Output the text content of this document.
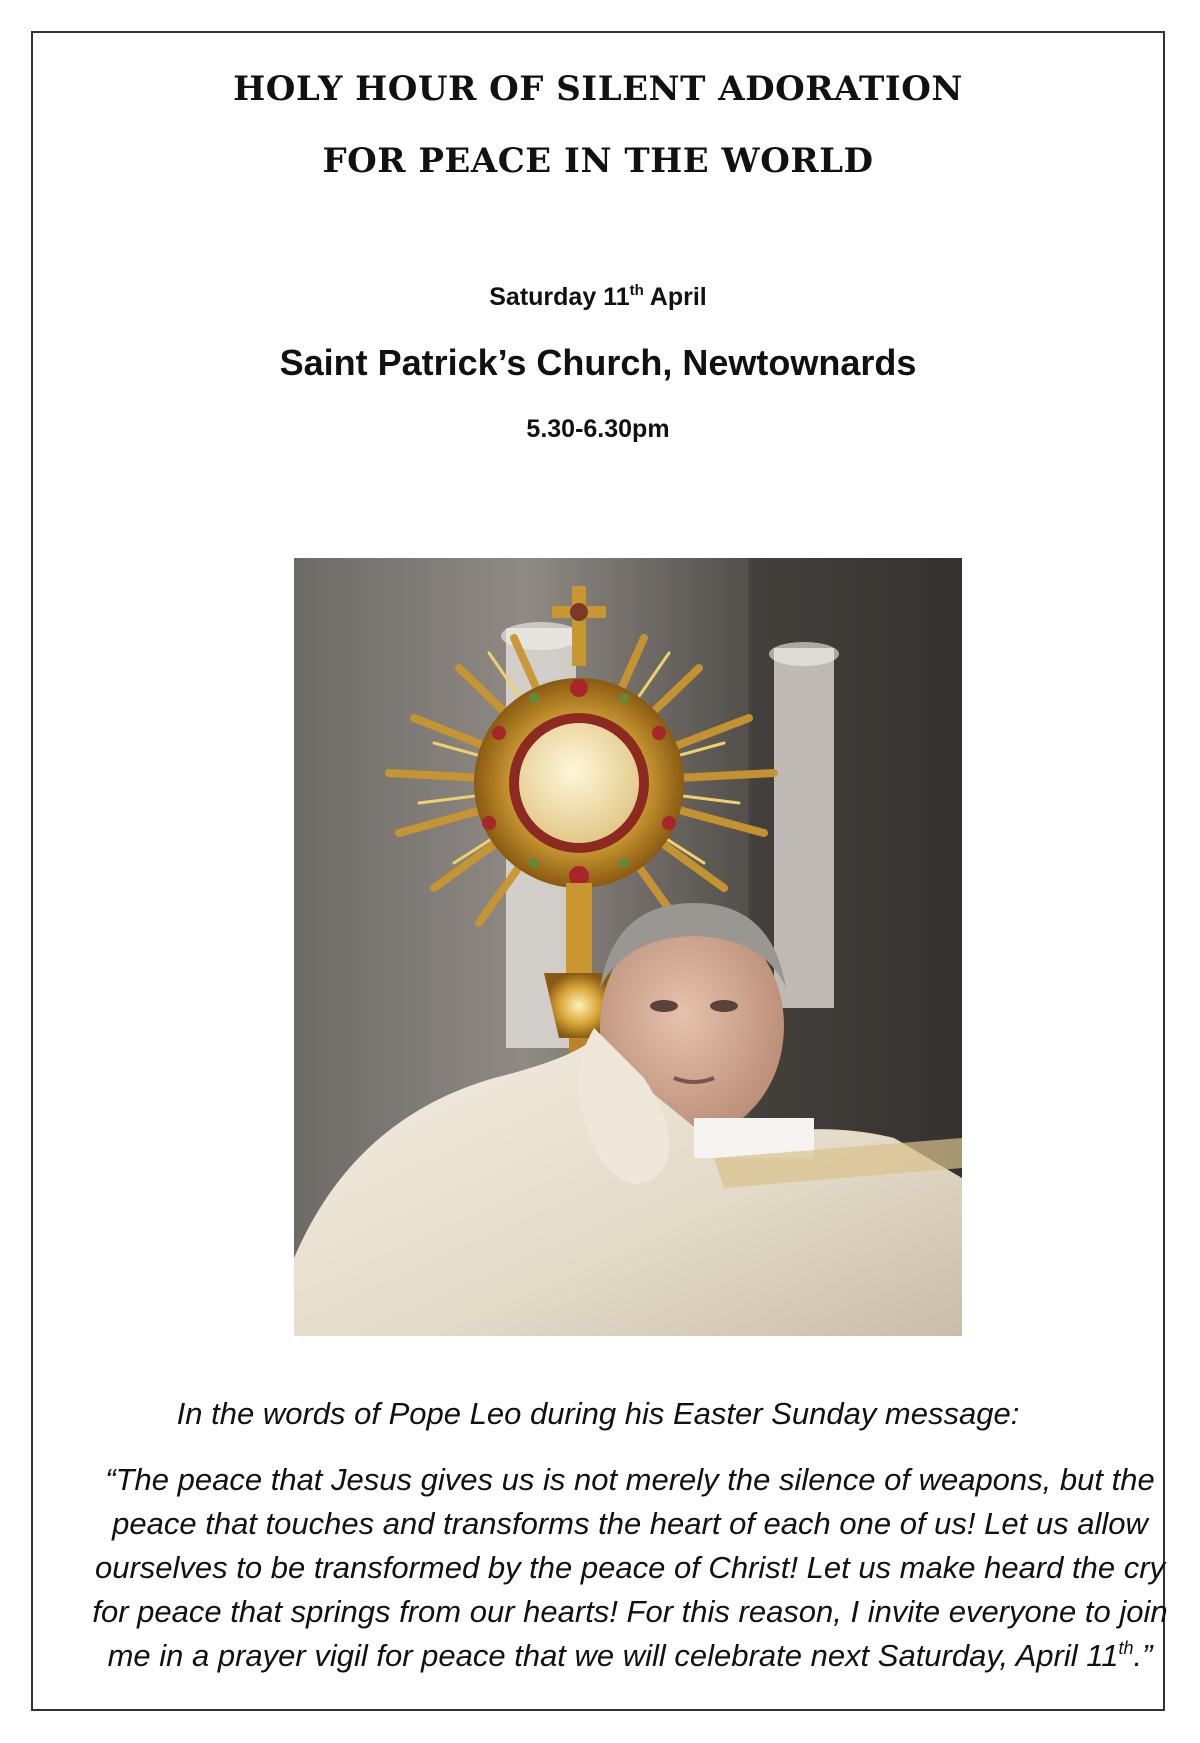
HOLY HOUR OF SILENT ADORATION
FOR PEACE IN THE WORLD
Saturday 11th April
Saint Patrick’s Church, Newtownards
5.30-6.30pm
In the words of Pope Leo during his Easter Sunday message:
“The peace that Jesus gives us is not merely the silence of weapons, but the peace that touches and transforms the heart of each one of us! Let us allow ourselves to be transformed by the peace of Christ! Let us make heard the cry for peace that springs from our hearts! For this reason, I invite everyone to join me in a prayer vigil for peace that we will celebrate next Saturday, April 11th.”
